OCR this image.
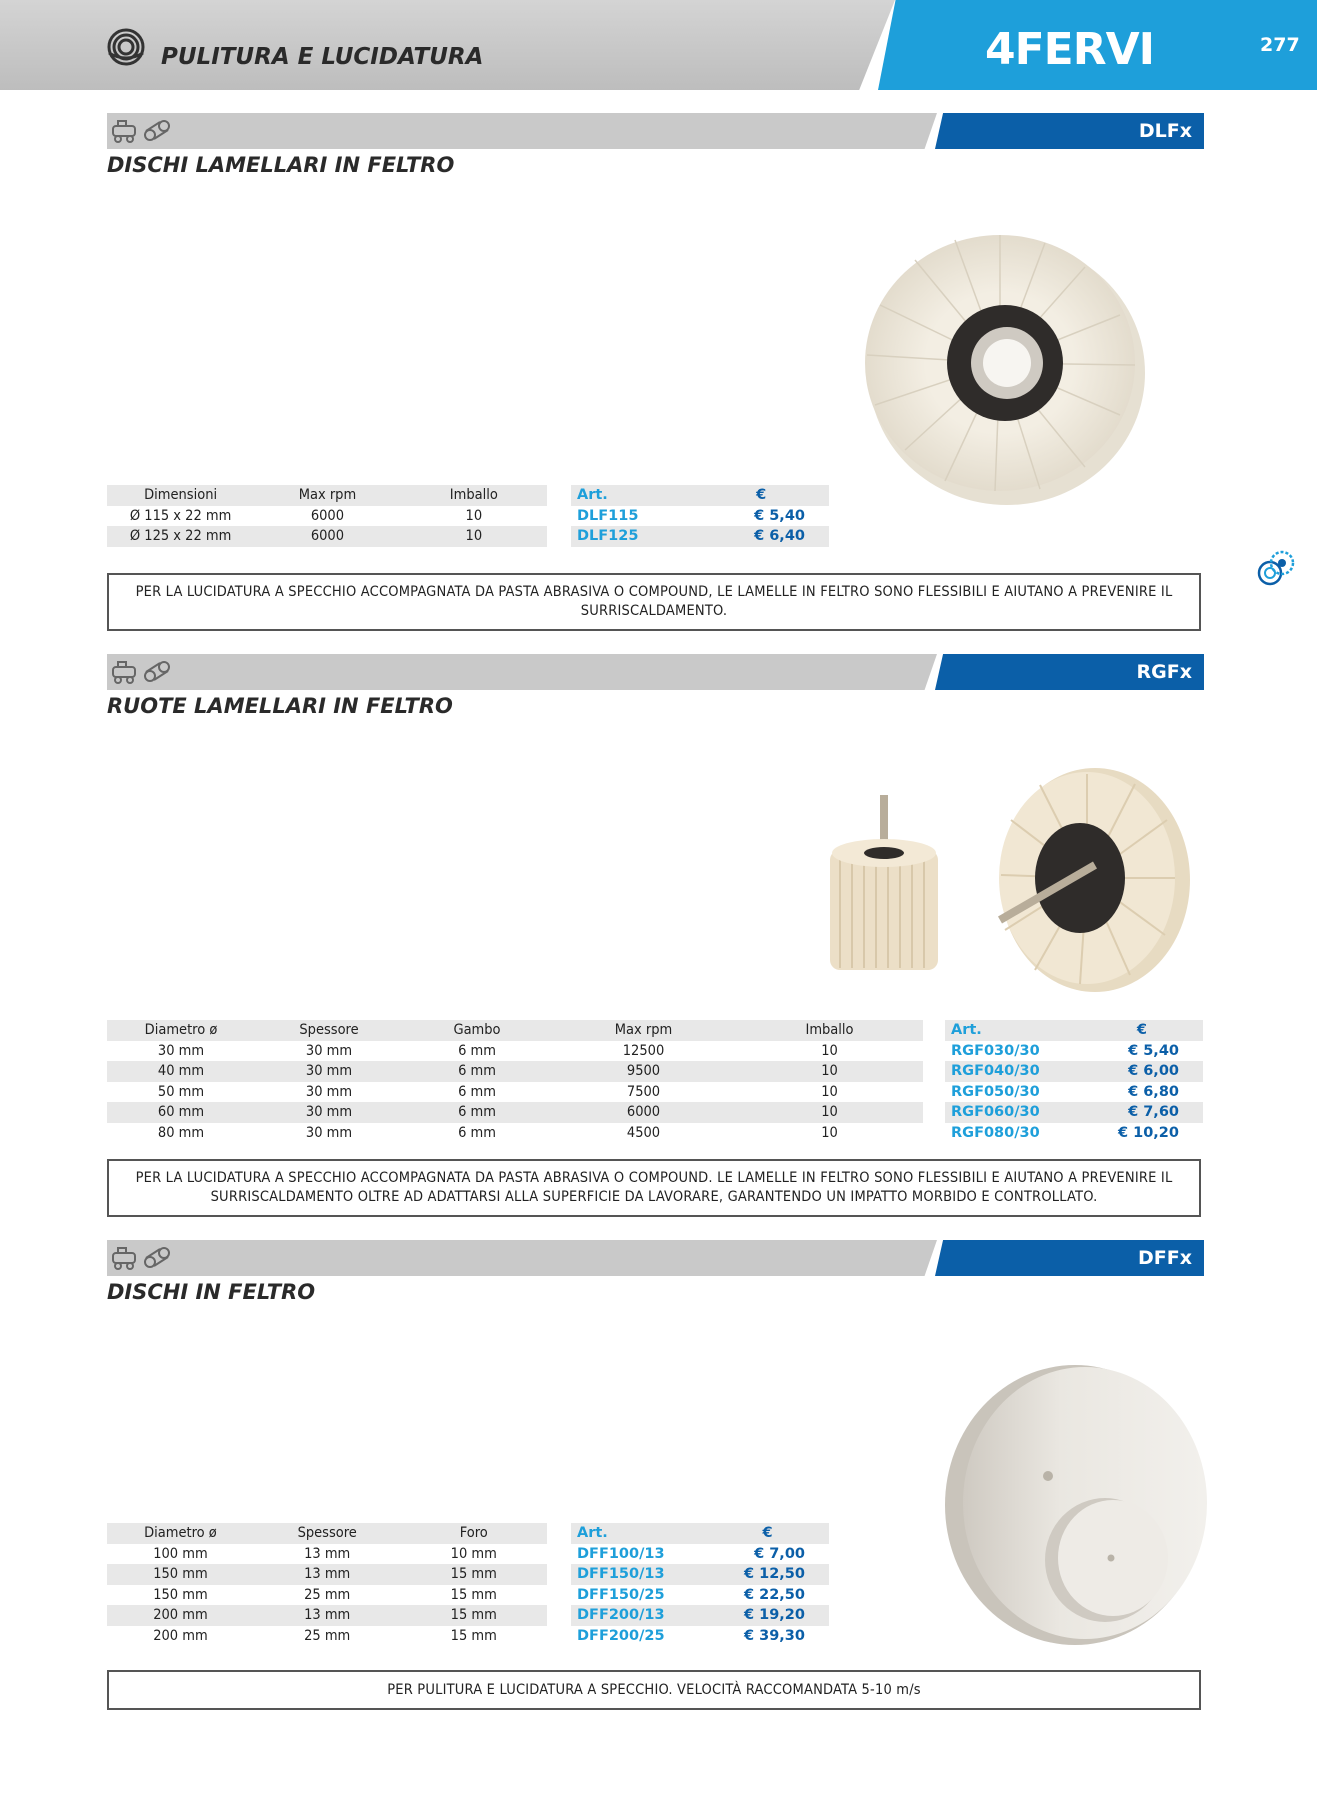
PULITURA E LUCIDATURA	4FERVI	277
DLFx
DISCHI LAMELLARI IN FELTRO
Dimensioni	Max rpm	Imballo
Ø 115 x 22 mm	6000	10
Ø 125 x 22 mm	6000	10
Art.	€
DLF115	€ 5,40
DLF125	€ 6,40
PER LA LUCIDATURA A SPECCHIO ACCOMPAGNATA DA PASTA ABRASIVA O COMPOUND, LE LAMELLE IN FELTRO SONO FLESSIBILI E AIUTANO A PREVENIRE IL SURRISCALDAMENTO.
RGFx
RUOTE LAMELLARI IN FELTRO
Diametro ø	Spessore	Gambo	Max rpm	Imballo
30 mm	30 mm	6 mm	12500	10
40 mm	30 mm	6 mm	9500	10
50 mm	30 mm	6 mm	7500	10
60 mm	30 mm	6 mm	6000	10
80 mm	30 mm	6 mm	4500	10
Art.	€
RGF030/30	€ 5,40
RGF040/30	€ 6,00
RGF050/30	€ 6,80
RGF060/30	€ 7,60
RGF080/30	€ 10,20
PER LA LUCIDATURA A SPECCHIO ACCOMPAGNATA DA PASTA ABRASIVA O COMPOUND. LE LAMELLE IN FELTRO SONO FLESSIBILI E AIUTANO A PREVENIRE IL SURRISCALDAMENTO OLTRE AD ADATTARSI ALLA SUPERFICIE DA LAVORARE, GARANTENDO UN IMPATTO MORBIDO E CONTROLLATO.
DFFx
DISCHI IN FELTRO
Diametro ø	Spessore	Foro
100 mm	13 mm	10 mm
150 mm	13 mm	15 mm
150 mm	25 mm	15 mm
200 mm	13 mm	15 mm
200 mm	25 mm	15 mm
Art.	€
DFF100/13	€ 7,00
DFF150/13	€ 12,50
DFF150/25	€ 22,50
DFF200/13	€ 19,20
DFF200/25	€ 39,30
PER PULITURA E LUCIDATURA A SPECCHIO. VELOCITÀ RACCOMANDATA 5-10 m/s
